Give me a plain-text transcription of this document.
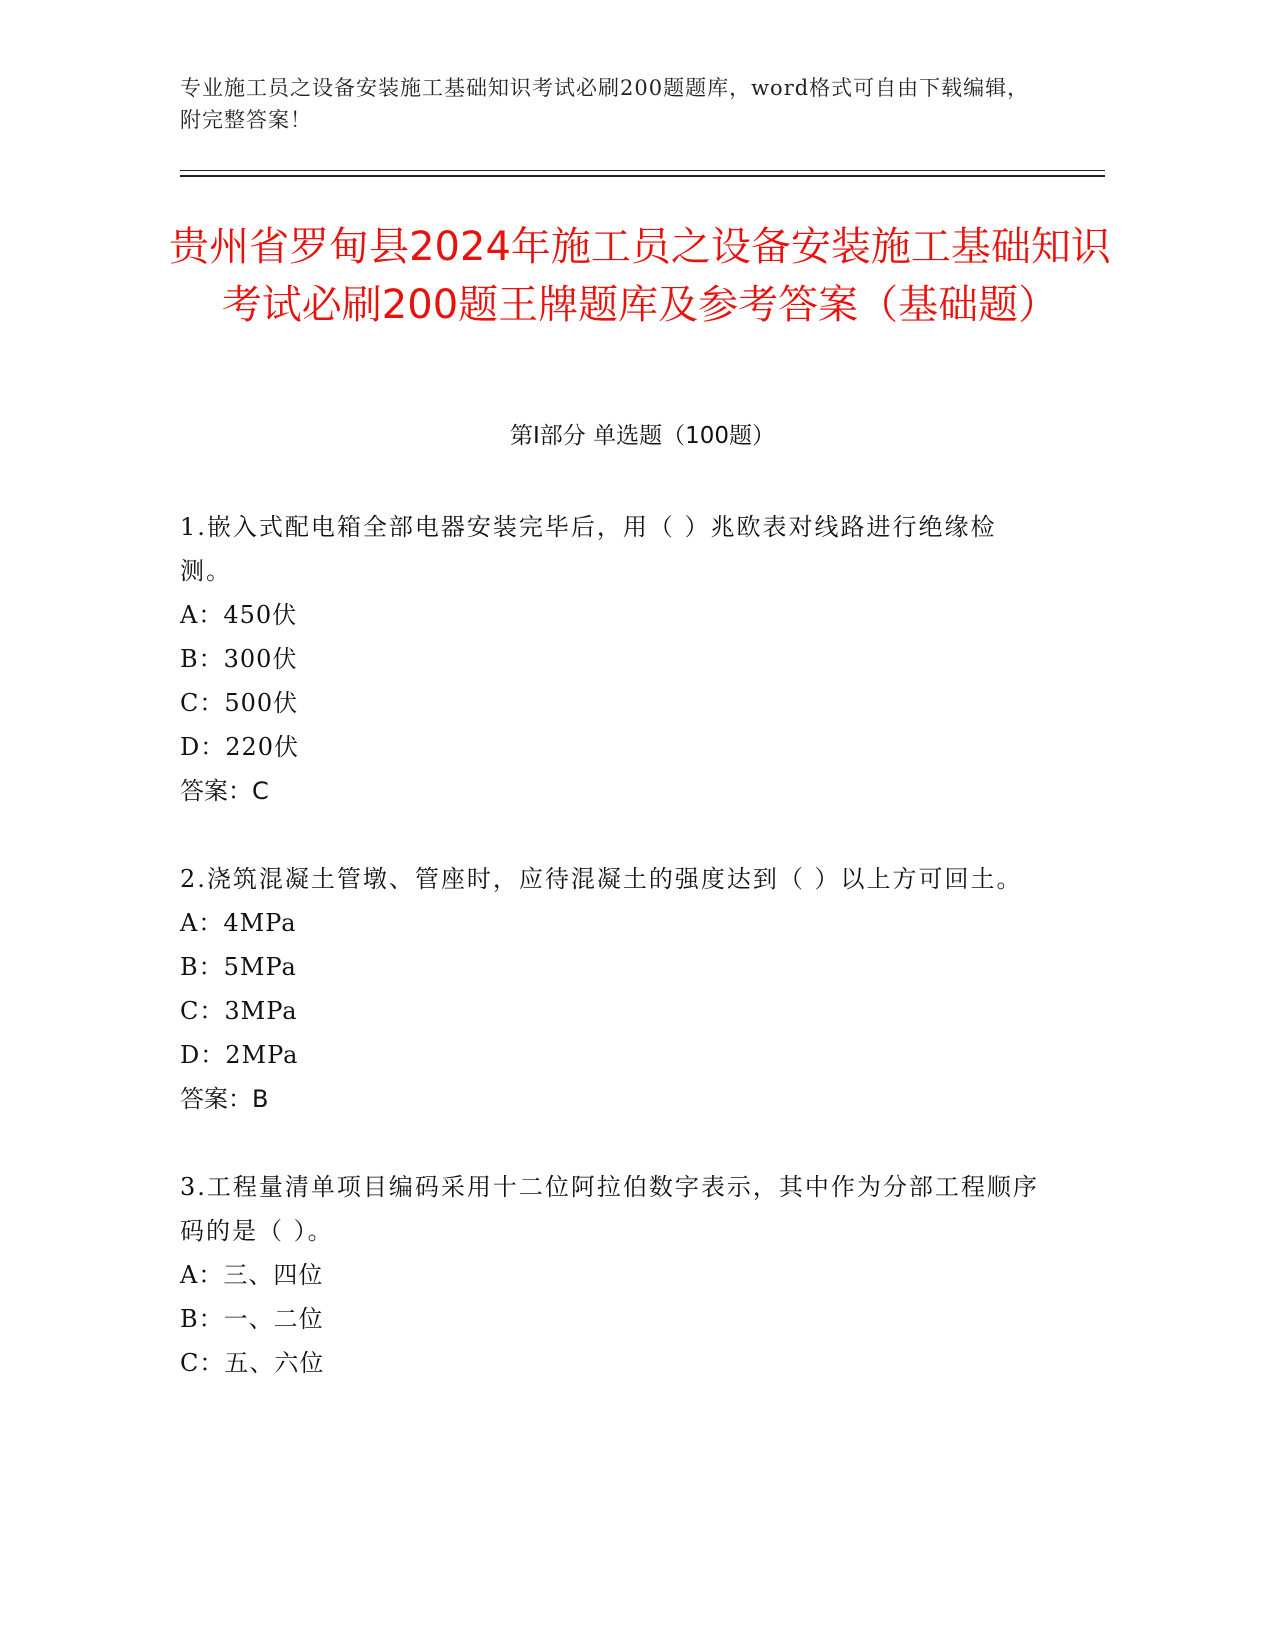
专业施工员之设备安装施工基础知识考试必刷200题题库，word格式可自由下载编辑，附完整答案！
贵州省罗甸县2024年施工员之设备安装施工基础知识考试必刷200题王牌题库及参考答案（基础题）
第Ⅰ部分 单选题（100题）

1.嵌入式配电箱全部电器安装完毕后，用（ ）兆欧表对线路进行绝缘检测。

A：450伏

B：300伏

C：500伏

D：220伏

答案：C

2.浇筑混凝土管墩、管座时，应待混凝土的强度达到（ ）以上方可回土。

A：4MPa

B：5MPa

C：3MPa

D：2MPa

答案：B

3.工程量清单项目编码采用十二位阿拉伯数字表示，其中作为分部工程顺序码的是（ ）。

A：三、四位

B：一、二位

C：五、六位
